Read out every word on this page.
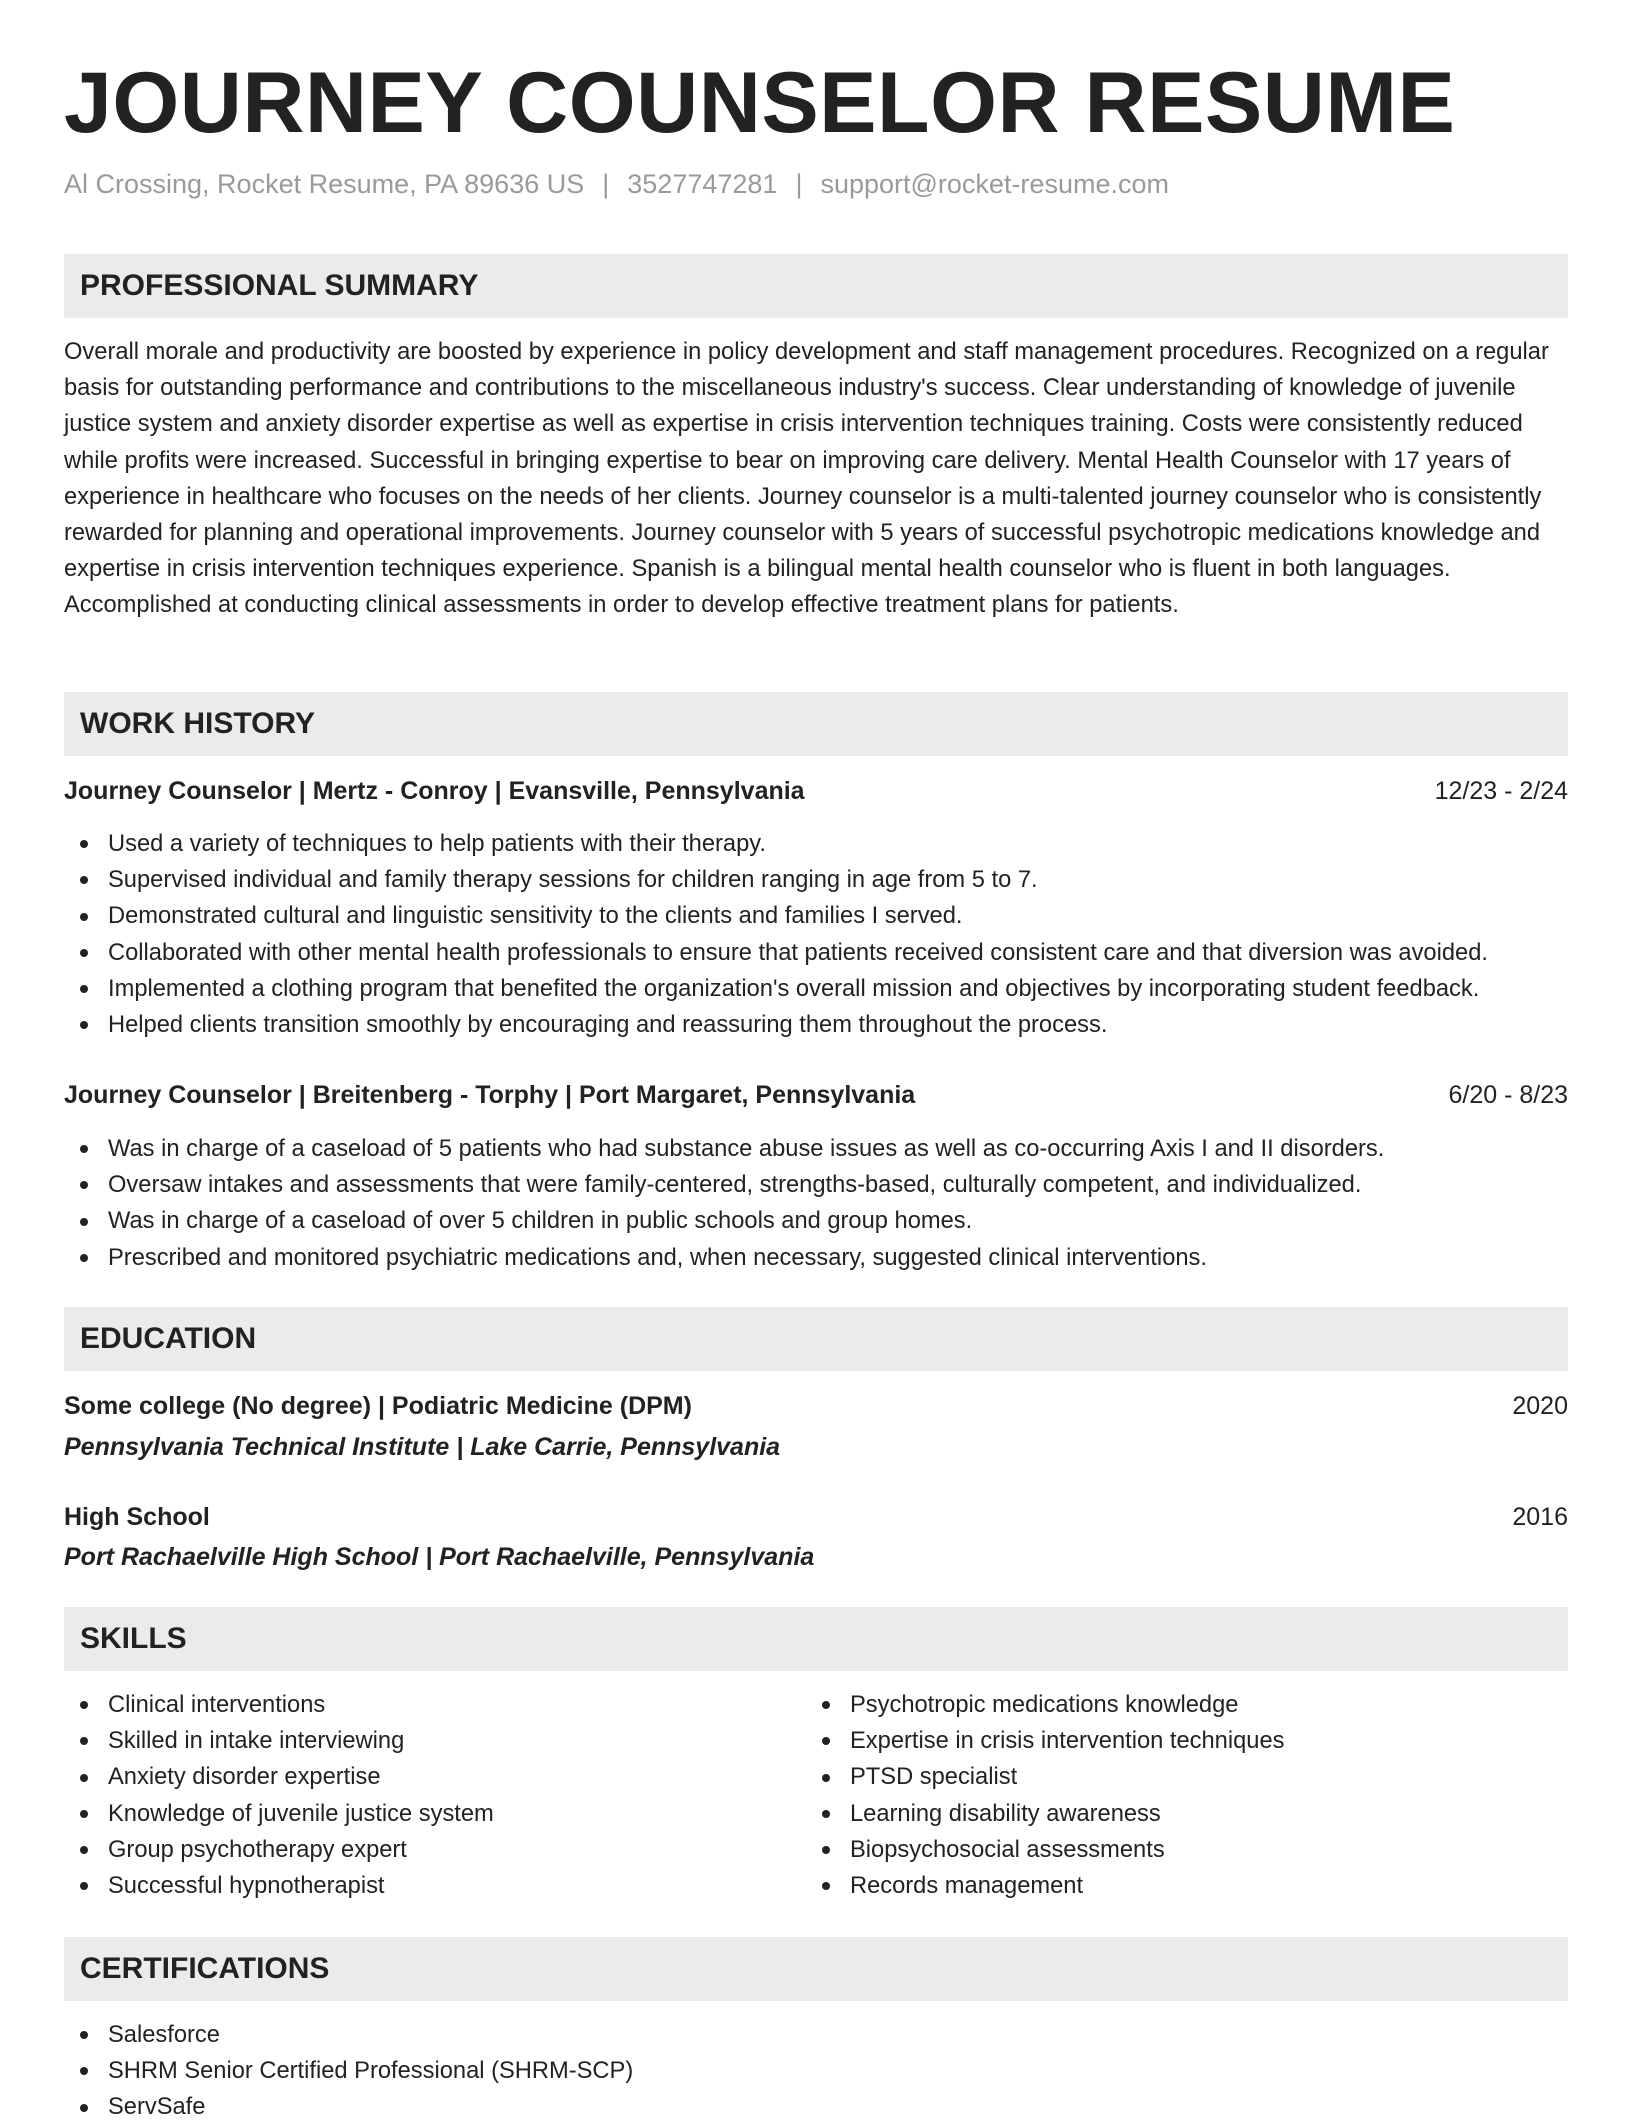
JOURNEY COUNSELOR RESUME
Al Crossing, Rocket Resume, PA 89636 US | 3527747281 | support@rocket-resume.com
PROFESSIONAL SUMMARY
Overall morale and productivity are boosted by experience in policy development and staff management procedures. Recognized on a regular basis for outstanding performance and contributions to the miscellaneous industry's success. Clear understanding of knowledge of juvenile justice system and anxiety disorder expertise as well as expertise in crisis intervention techniques training. Costs were consistently reduced while profits were increased. Successful in bringing expertise to bear on improving care delivery. Mental Health Counselor with 17 years of experience in healthcare who focuses on the needs of her clients. Journey counselor is a multi-talented journey counselor who is consistently rewarded for planning and operational improvements. Journey counselor with 5 years of successful psychotropic medications knowledge and expertise in crisis intervention techniques experience. Spanish is a bilingual mental health counselor who is fluent in both languages. Accomplished at conducting clinical assessments in order to develop effective treatment plans for patients.
WORK HISTORY
Journey Counselor | Mertz - Conroy | Evansville, Pennsylvania	12/23 - 2/24
Used a variety of techniques to help patients with their therapy.
Supervised individual and family therapy sessions for children ranging in age from 5 to 7.
Demonstrated cultural and linguistic sensitivity to the clients and families I served.
Collaborated with other mental health professionals to ensure that patients received consistent care and that diversion was avoided.
Implemented a clothing program that benefited the organization's overall mission and objectives by incorporating student feedback.
Helped clients transition smoothly by encouraging and reassuring them throughout the process.
Journey Counselor | Breitenberg - Torphy | Port Margaret, Pennsylvania	6/20 - 8/23
Was in charge of a caseload of 5 patients who had substance abuse issues as well as co-occurring Axis I and II disorders.
Oversaw intakes and assessments that were family-centered, strengths-based, culturally competent, and individualized.
Was in charge of a caseload of over 5 children in public schools and group homes.
Prescribed and monitored psychiatric medications and, when necessary, suggested clinical interventions.
EDUCATION
Some college (No degree) | Podiatric Medicine (DPM)	2020
Pennsylvania Technical Institute | Lake Carrie, Pennsylvania
High School	2016
Port Rachaelville High School | Port Rachaelville, Pennsylvania
SKILLS
Clinical interventions
Skilled in intake interviewing
Anxiety disorder expertise
Knowledge of juvenile justice system
Group psychotherapy expert
Successful hypnotherapist
Psychotropic medications knowledge
Expertise in crisis intervention techniques
PTSD specialist
Learning disability awareness
Biopsychosocial assessments
Records management
CERTIFICATIONS
Salesforce
SHRM Senior Certified Professional (SHRM-SCP)
ServSafe
